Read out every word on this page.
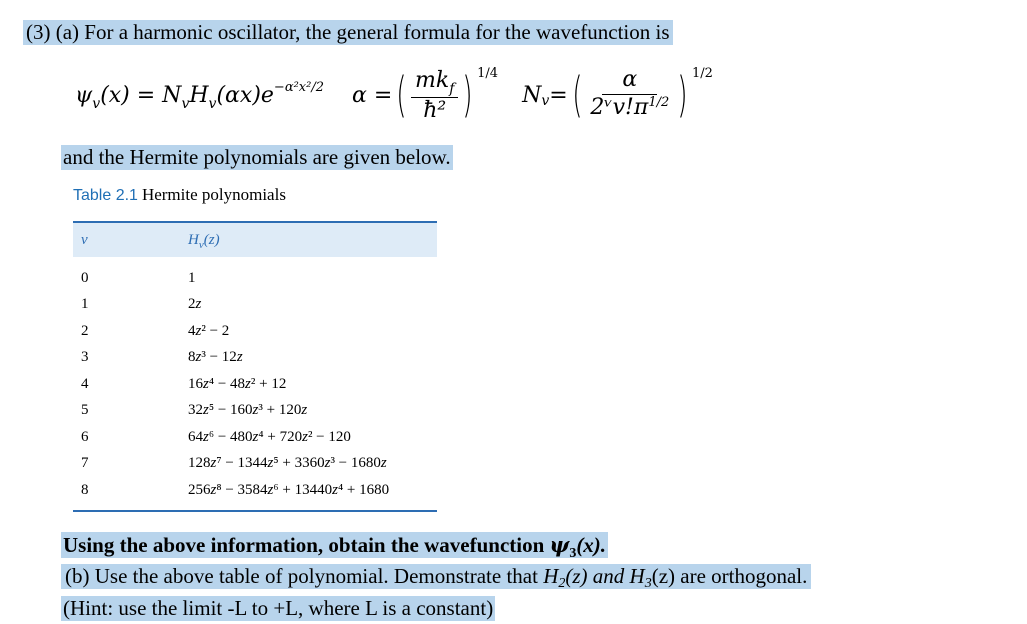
(3) (a) For a harmonic oscillator, the general formula for the wavefunction is
$\psi_v(x) = N_vH_v(\alpha x)e^{-\alpha^2x^2/2}$ α = ( $\frac{mk_f}{\text{ħ²}}$ ) 1/4
N v = ( $\frac{\alpha}{2ᵛv!\pi^{1/2}}$ ) 1/2
and the Hermite polynomials are given below.
Table 2.1 Hermite polynomials
v	$H_v(z)$
0	1
1	2z
2	4z² − 2
3	8z³ − 12z
4	16z⁴ − 48z² + 12
5	32z⁵ − 160z³ + 120z
6	64z⁶ − 480z⁴ + 720z² − 120
7	128z⁷ − 1344z⁵ + 3360z³ − 1680z
8	256z⁸ − 3584z⁶ + 13440z⁴ + 1680
Using the above information, obtain the wavefunction $\psi_3(x)$.
(b) Use the above table of polynomial. Demonstrate that H2(z) and H3(z) are orthogonal.
(Hint: use the limit -L to +L, where L is a constant)
